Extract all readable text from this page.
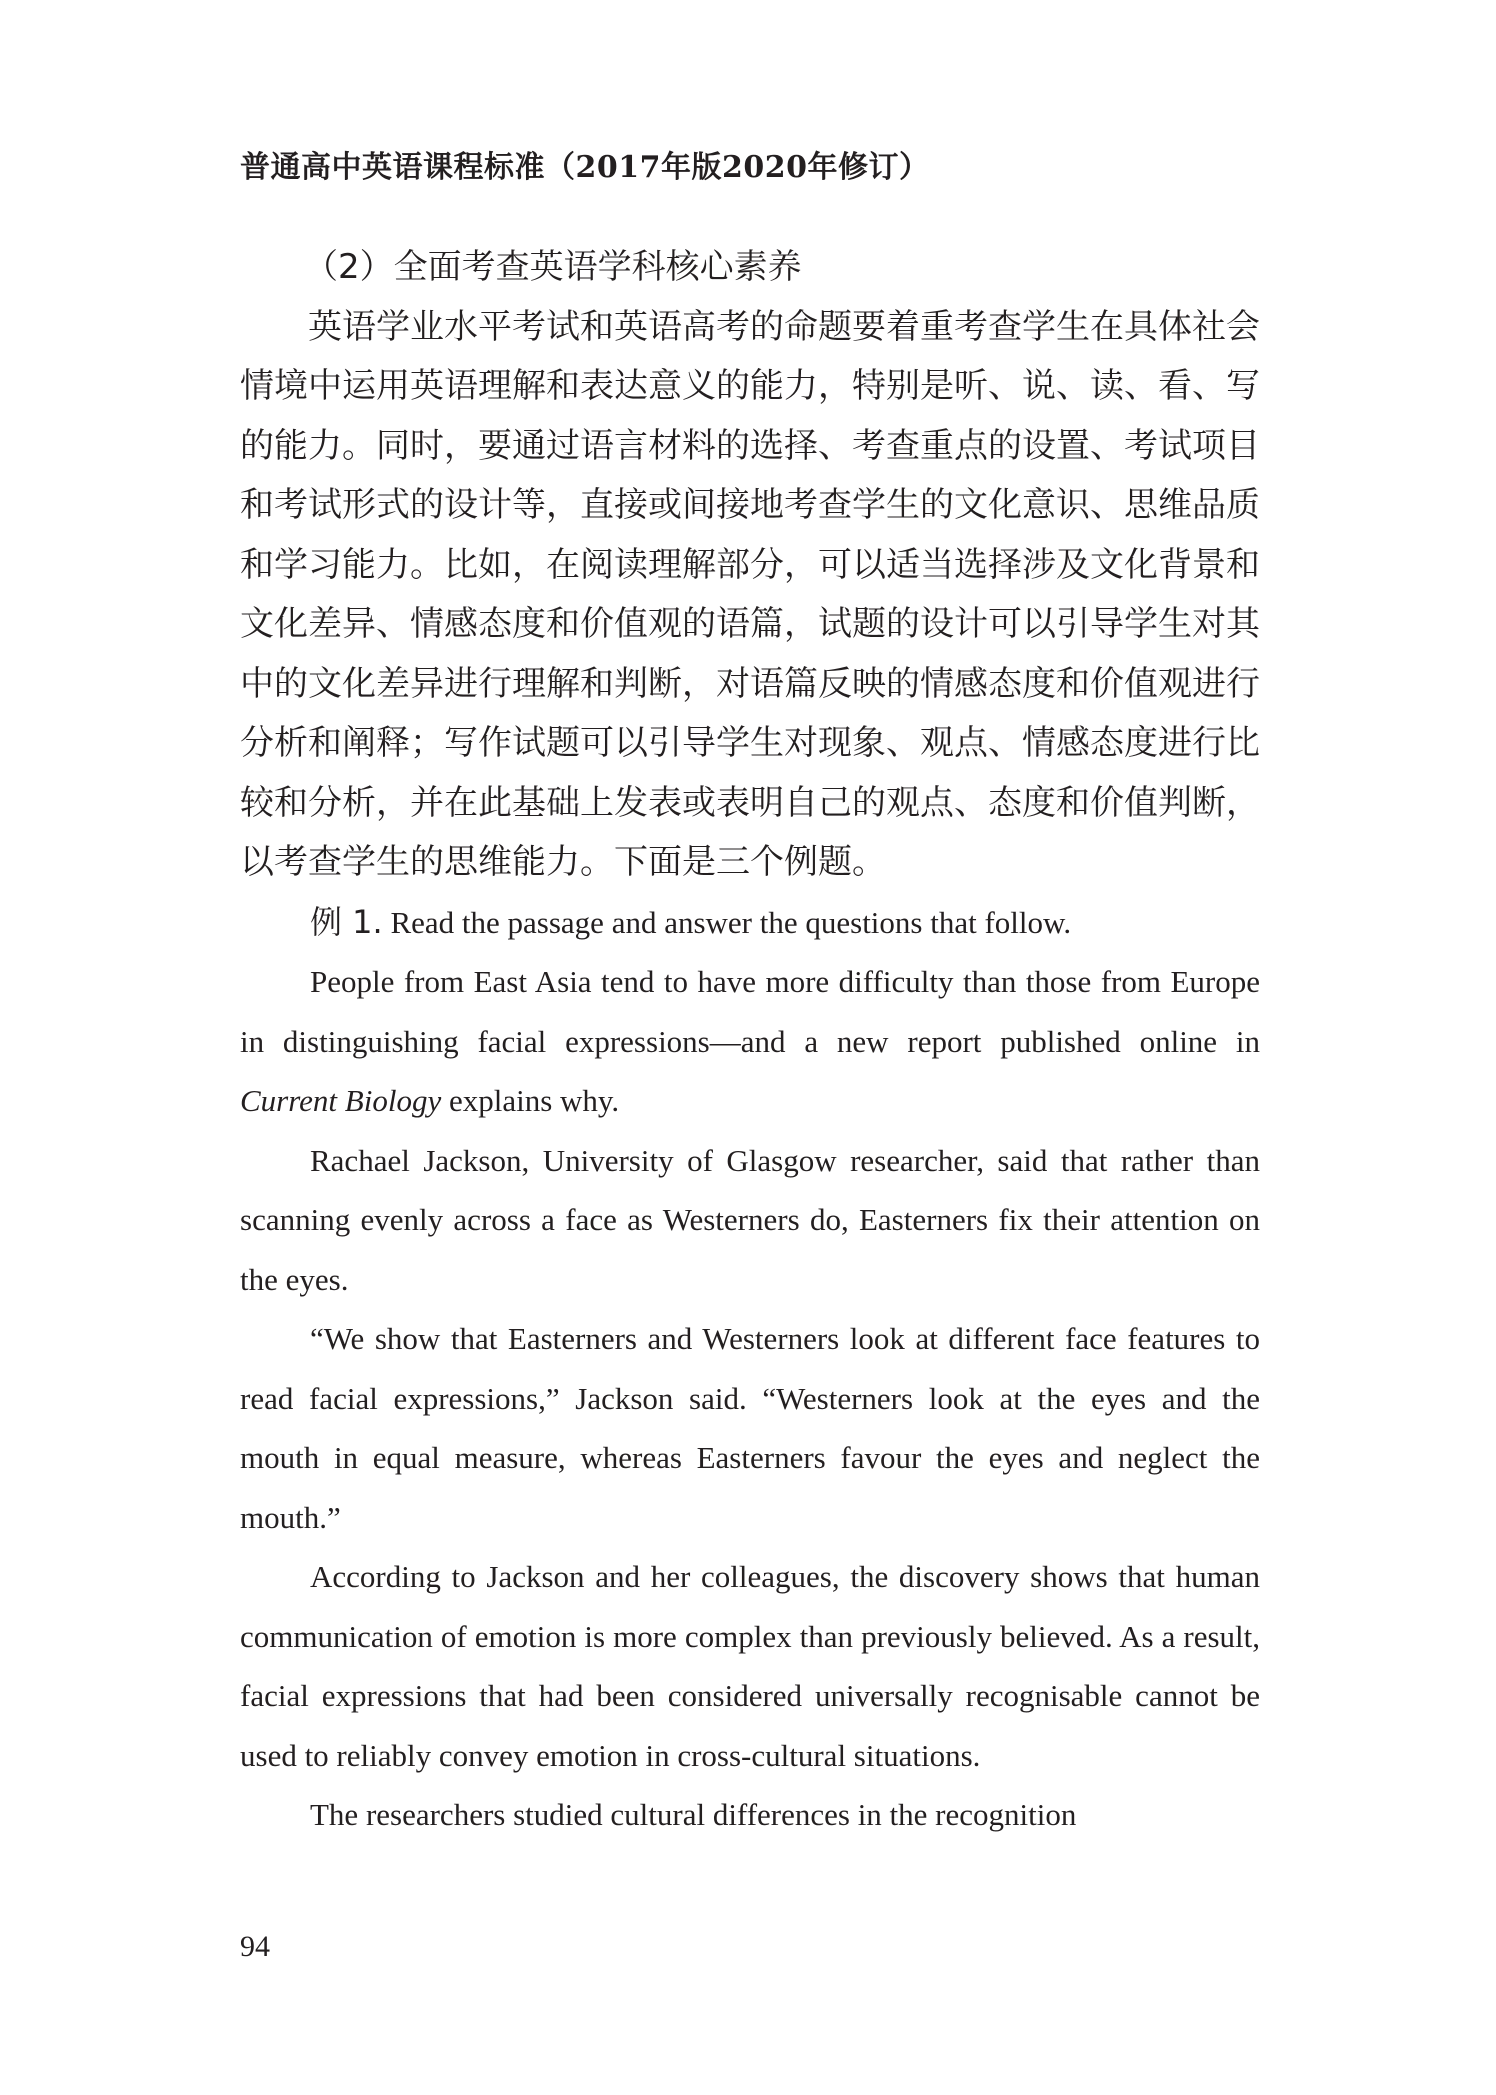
普通高中英语课程标准（2017年版2020年修订）

（2）全面考查英语学科核心素养

英语学业水平考试和英语高考的命题要着重考查学生在具体社会情境中运用英语理解和表达意义的能力，特别是听、说、读、看、写的能力。同时，要通过语言材料的选择、考查重点的设置、考试项目和考试形式的设计等，直接或间接地考查学生的文化意识、思维品质和学习能力。比如，在阅读理解部分，可以适当选择涉及文化背景和文化差异、情感态度和价值观的语篇，试题的设计可以引导学生对其中的文化差异进行理解和判断，对语篇反映的情感态度和价值观进行分析和阐释；写作试题可以引导学生对现象、观点、情感态度进行比较和分析，并在此基础上发表或表明自己的观点、态度和价值判断，以考查学生的思维能力。下面是三个例题。

例 1. Read the passage and answer the questions that follow.

People from East Asia tend to have more difficulty than those from Europe in distinguishing facial expressions—and a new report published online in Current Biology explains why.

Rachael Jackson, University of Glasgow researcher, said that rather than scanning evenly across a face as Westerners do, Easterners fix their attention on the eyes.

“We show that Easterners and Westerners look at different face features to read facial expressions,” Jackson said. “Westerners look at the eyes and the mouth in equal measure, whereas Easterners favour the eyes and neglect the mouth.”

According to Jackson and her colleagues, the discovery shows that human communication of emotion is more complex than previously believed. As a result, facial expressions that had been considered universally recognisable cannot be used to reliably convey emotion in cross-cultural situations.

The researchers studied cultural differences in the recognition

94
